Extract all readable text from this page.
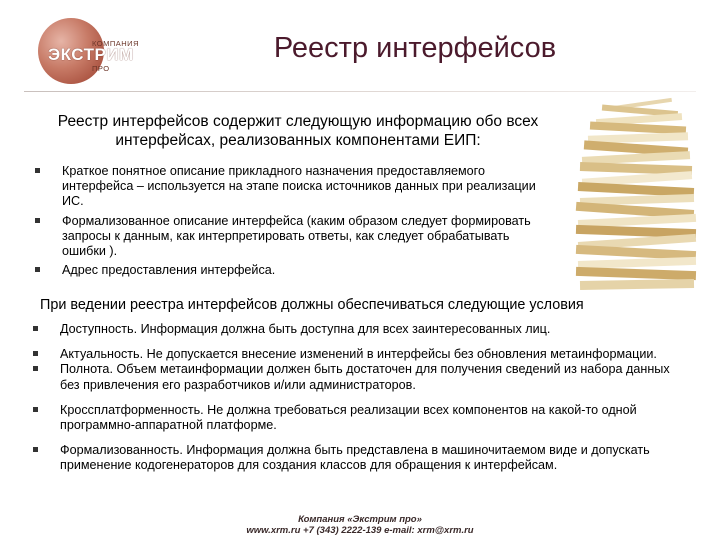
КОМПАНИЯ
ЭКСТРИМ
ПРО
Реестр интерфейсов
Реестр интерфейсов содержит следующую информацию обо всех интерфейсах, реализованных компонентами ЕИП:
Краткое понятное описание прикладного назначения предоставляемого интерфейса – используется на этапе поиска источников данных при реализации ИС.
Формализованное описание интерфейса (каким образом следует формировать запросы к данным, как интерпретировать ответы, как следует обрабатывать ошибки ).
Адрес предоставления интерфейса.
При ведении реестра интерфейсов должны обеспечиваться следующие условия
Доступность. Информация должна быть доступна для всех заинтересованных лиц.
Актуальность. Не допускается внесение изменений в интерфейсы без обновления метаинформации.
Полнота. Объем метаинформации должен быть достаточен для получения сведений из набора данных без привлечения его разработчиков и/или администраторов.
Кроссплатформенность. Не должна требоваться реализации всех компонентов на какой-то одной программно-аппаратной платформе.
Формализованность. Информация должна быть представлена в машиночитаемом виде и допускать применение кодогенераторов для создания классов для обращения к интерфейсам.
Компания «Экстрим про»
www.xrm.ru +7 (343) 2222-139 e-mail: xrm@xrm.ru
